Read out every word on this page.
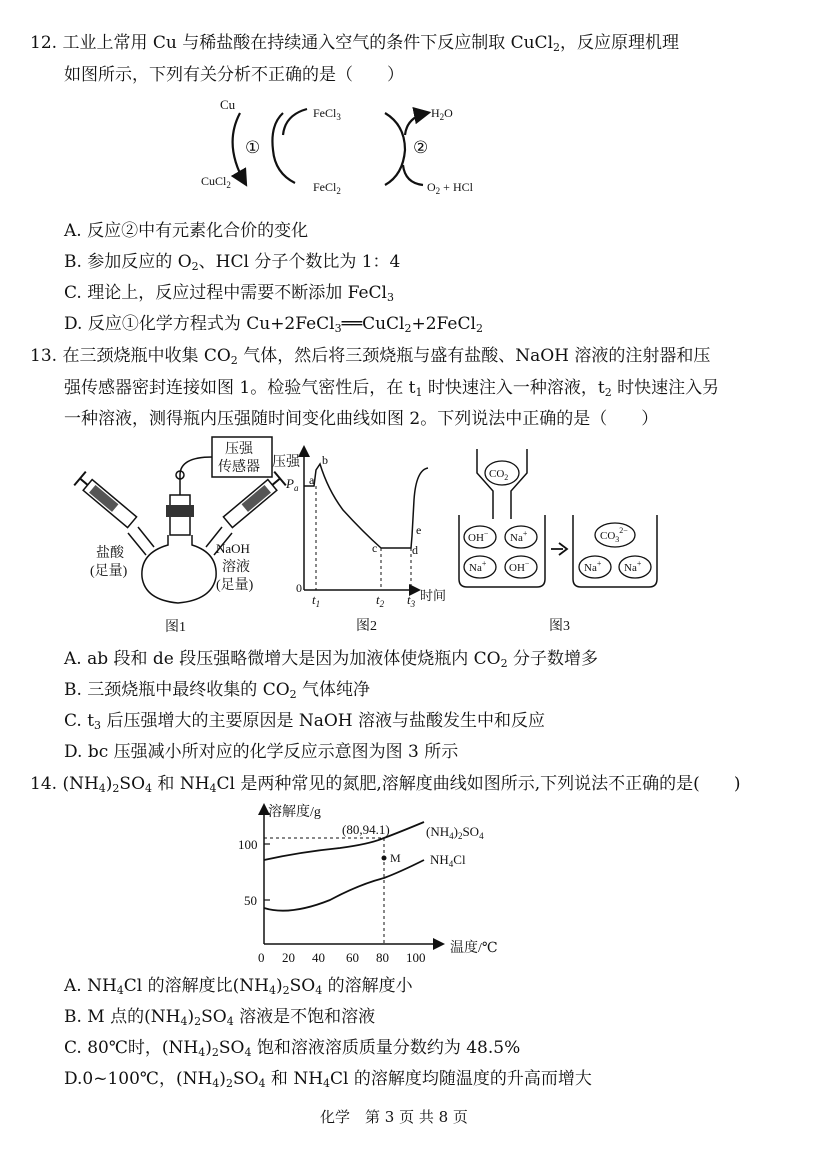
12. 工业上常用 Cu 与稀盐酸在持续通入空气的条件下反应制取 CuCl$_2$，反应原理机理
如图所示，下列有关分析不正确的是（　　）
Cu
FeCl$_3$	$H_2O$
①	②
CuCl$_2$	FeCl$_2$	$O_2$ + HCl
A. 反应②中有元素化合价的变化
B. 参加反应的 $O_2$、HCl 分子个数比为 1：4
C. 理论上，反应过程中需要不断添加 FeCl$_3$
D. 反应①化学方程式为 Cu+2FeCl$_3$══CuCl$_2$+2FeCl$_2$
13. 在三颈烧瓶中收集 $CO_2$ 气体，然后将三颈烧瓶与盛有盐酸、NaOH 溶液的注射器和压
强传感器密封连接如图 1。检验气密性后，在 $t_1$ 时快速注入一种溶液，$t_2$ 时快速注入另
一种溶液，测得瓶内压强随时间变化曲线如图 2。下列说法中正确的是（　　）
压强
传感器
盐酸
(足量)
NaOH
溶液
(足量)
图1
压强
$P_a$
a
b
c	d
e
0
$t_1$	$t_2$ $t_3$
时间
图2
$CO_2$
OH− Na+
Na+ OH−
$CO_3^{2-}$
Na+ Na+
图3
A. ab 段和 de 段压强略微增大是因为加液体使烧瓶内 $CO_2$ 分子数增多
B. 三颈烧瓶中最终收集的 $CO_2$ 气体纯净
C. $t_3$ 后压强增大的主要原因是 NaOH 溶液与盐酸发生中和反应
D. bc 压强减小所对应的化学反应示意图为图 3 所示
14. $(NH_4)_2SO_4$ 和 $NH_4Cl$ 是两种常见的氮肥,溶解度曲线如图所示,下列说法不正确的是(　　)
溶解度/g
100
50
M
(80,94.1)	$(NH_4)_2SO_4$
$NH_4Cl$
0 20 40 60 80 100
温度/℃
A. $NH_4Cl$ 的溶解度比$(NH_4)_2SO_4$ 的溶解度小
B. M 点的$(NH_4)_2SO_4$ 溶液是不饱和溶液
C. 80℃时，$(NH_4)_2SO_4$ 饱和溶液溶质质量分数约为 48.5%
D.0~100℃，$(NH_4)_2SO_4$ 和 $NH_4Cl$ 的溶解度均随温度的升高而增大
化学　第 3 页 共 8 页
